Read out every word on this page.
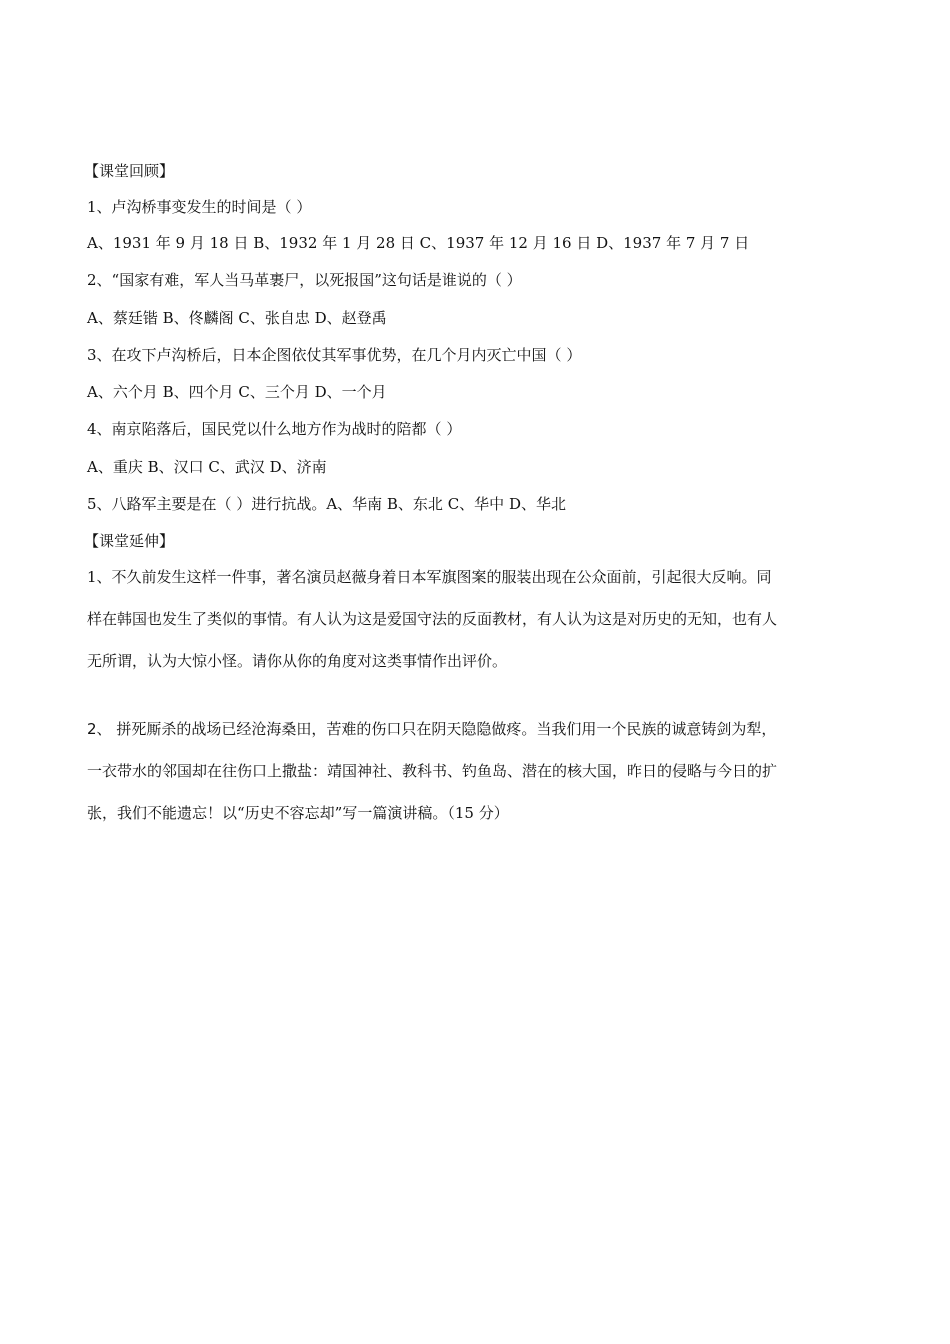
【课堂回顾】
1、卢沟桥事变发生的时间是（ ）
A、1931 年 9 月 18 日 B、1932 年 1 月 28 日 C、1937 年 12 月 16 日 D、1937 年 7 月 7 日
2、“国家有难，军人当马革裹尸，以死报国”这句话是谁说的（ ）
A、蔡廷锴 B、佟麟阁 C、张自忠 D、赵登禹
3、在攻下卢沟桥后，日本企图依仗其军事优势，在几个月内灭亡中国（ ）
A、六个月 B、四个月 C、三个月 D、一个月
4、南京陷落后，国民党以什么地方作为战时的陪都（ ）
A、重庆 B、汉口 C、武汉 D、济南
5、八路军主要是在（ ）进行抗战。A、华南 B、东北 C、华中 D、华北
【课堂延伸】
1、不久前发生这样一件事，著名演员赵薇身着日本军旗图案的服装出现在公众面前，引起很大反响。同
样在韩国也发生了类似的事情。有人认为这是爱国守法的反面教材，有人认为这是对历史的无知，也有人
无所谓，认为大惊小怪。请你从你的角度对这类事情作出评价。
2、 拼死厮杀的战场已经沧海桑田，苦难的伤口只在阴天隐隐做疼。当我们用一个民族的诚意铸剑为犁，
一衣带水的邻国却在往伤口上撒盐：靖国神社、教科书、钓鱼岛、潜在的核大国，昨日的侵略与今日的扩
张，我们不能遗忘！以“历史不容忘却”写一篇演讲稿。（15 分）
